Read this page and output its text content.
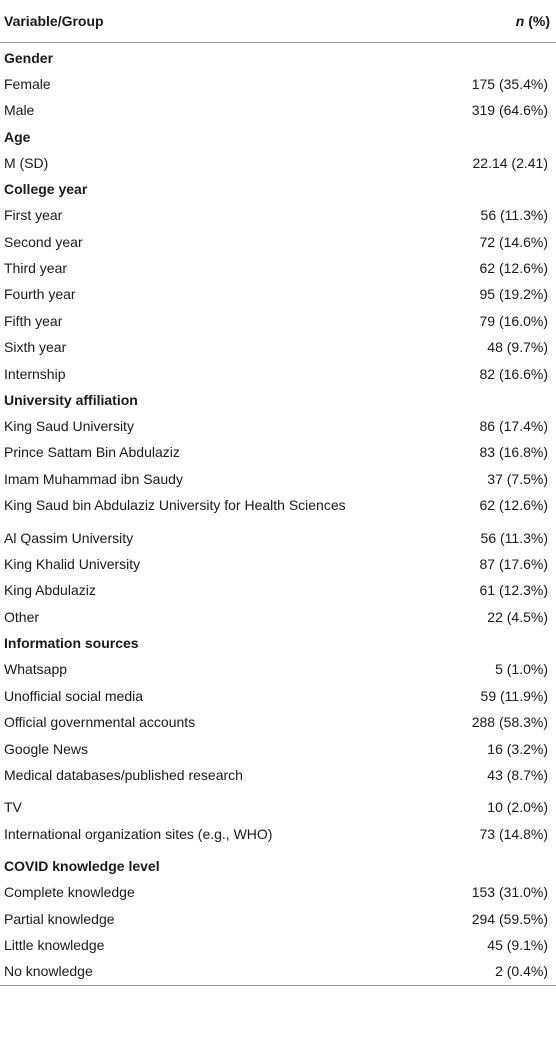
Variable/Group	n (%)
Gender	
Female	175 (35.4%)
Male	319 (64.6%)
Age	
M (SD)	22.14 (2.41)
College year	
First year	56 (11.3%)
Second year	72 (14.6%)
Third year	62 (12.6%)
Fourth year	95 (19.2%)
Fifth year	79 (16.0%)
Sixth year	48 (9.7%)
Internship	82 (16.6%)
University affiliation	
King Saud University	86 (17.4%)
Prince Sattam Bin Abdulaziz	83 (16.8%)
Imam Muhammad ibn Saudy	37 (7.5%)
King Saud bin Abdulaziz University for Health Sciences	62 (12.6%)
Al Qassim University	56 (11.3%)
King Khalid University	87 (17.6%)
King Abdulaziz	61 (12.3%)
Other	22 (4.5%)
Information sources	
Whatsapp	5 (1.0%)
Unofficial social media	59 (11.9%)
Official governmental accounts	288 (58.3%)
Google News	16 (3.2%)
Medical databases/published research	43 (8.7%)
TV	10 (2.0%)
International organization sites (e.g., WHO)	73 (14.8%)
COVID knowledge level	
Complete knowledge	153 (31.0%)
Partial knowledge	294 (59.5%)
Little knowledge	45 (9.1%)
No knowledge	2 (0.4%)
